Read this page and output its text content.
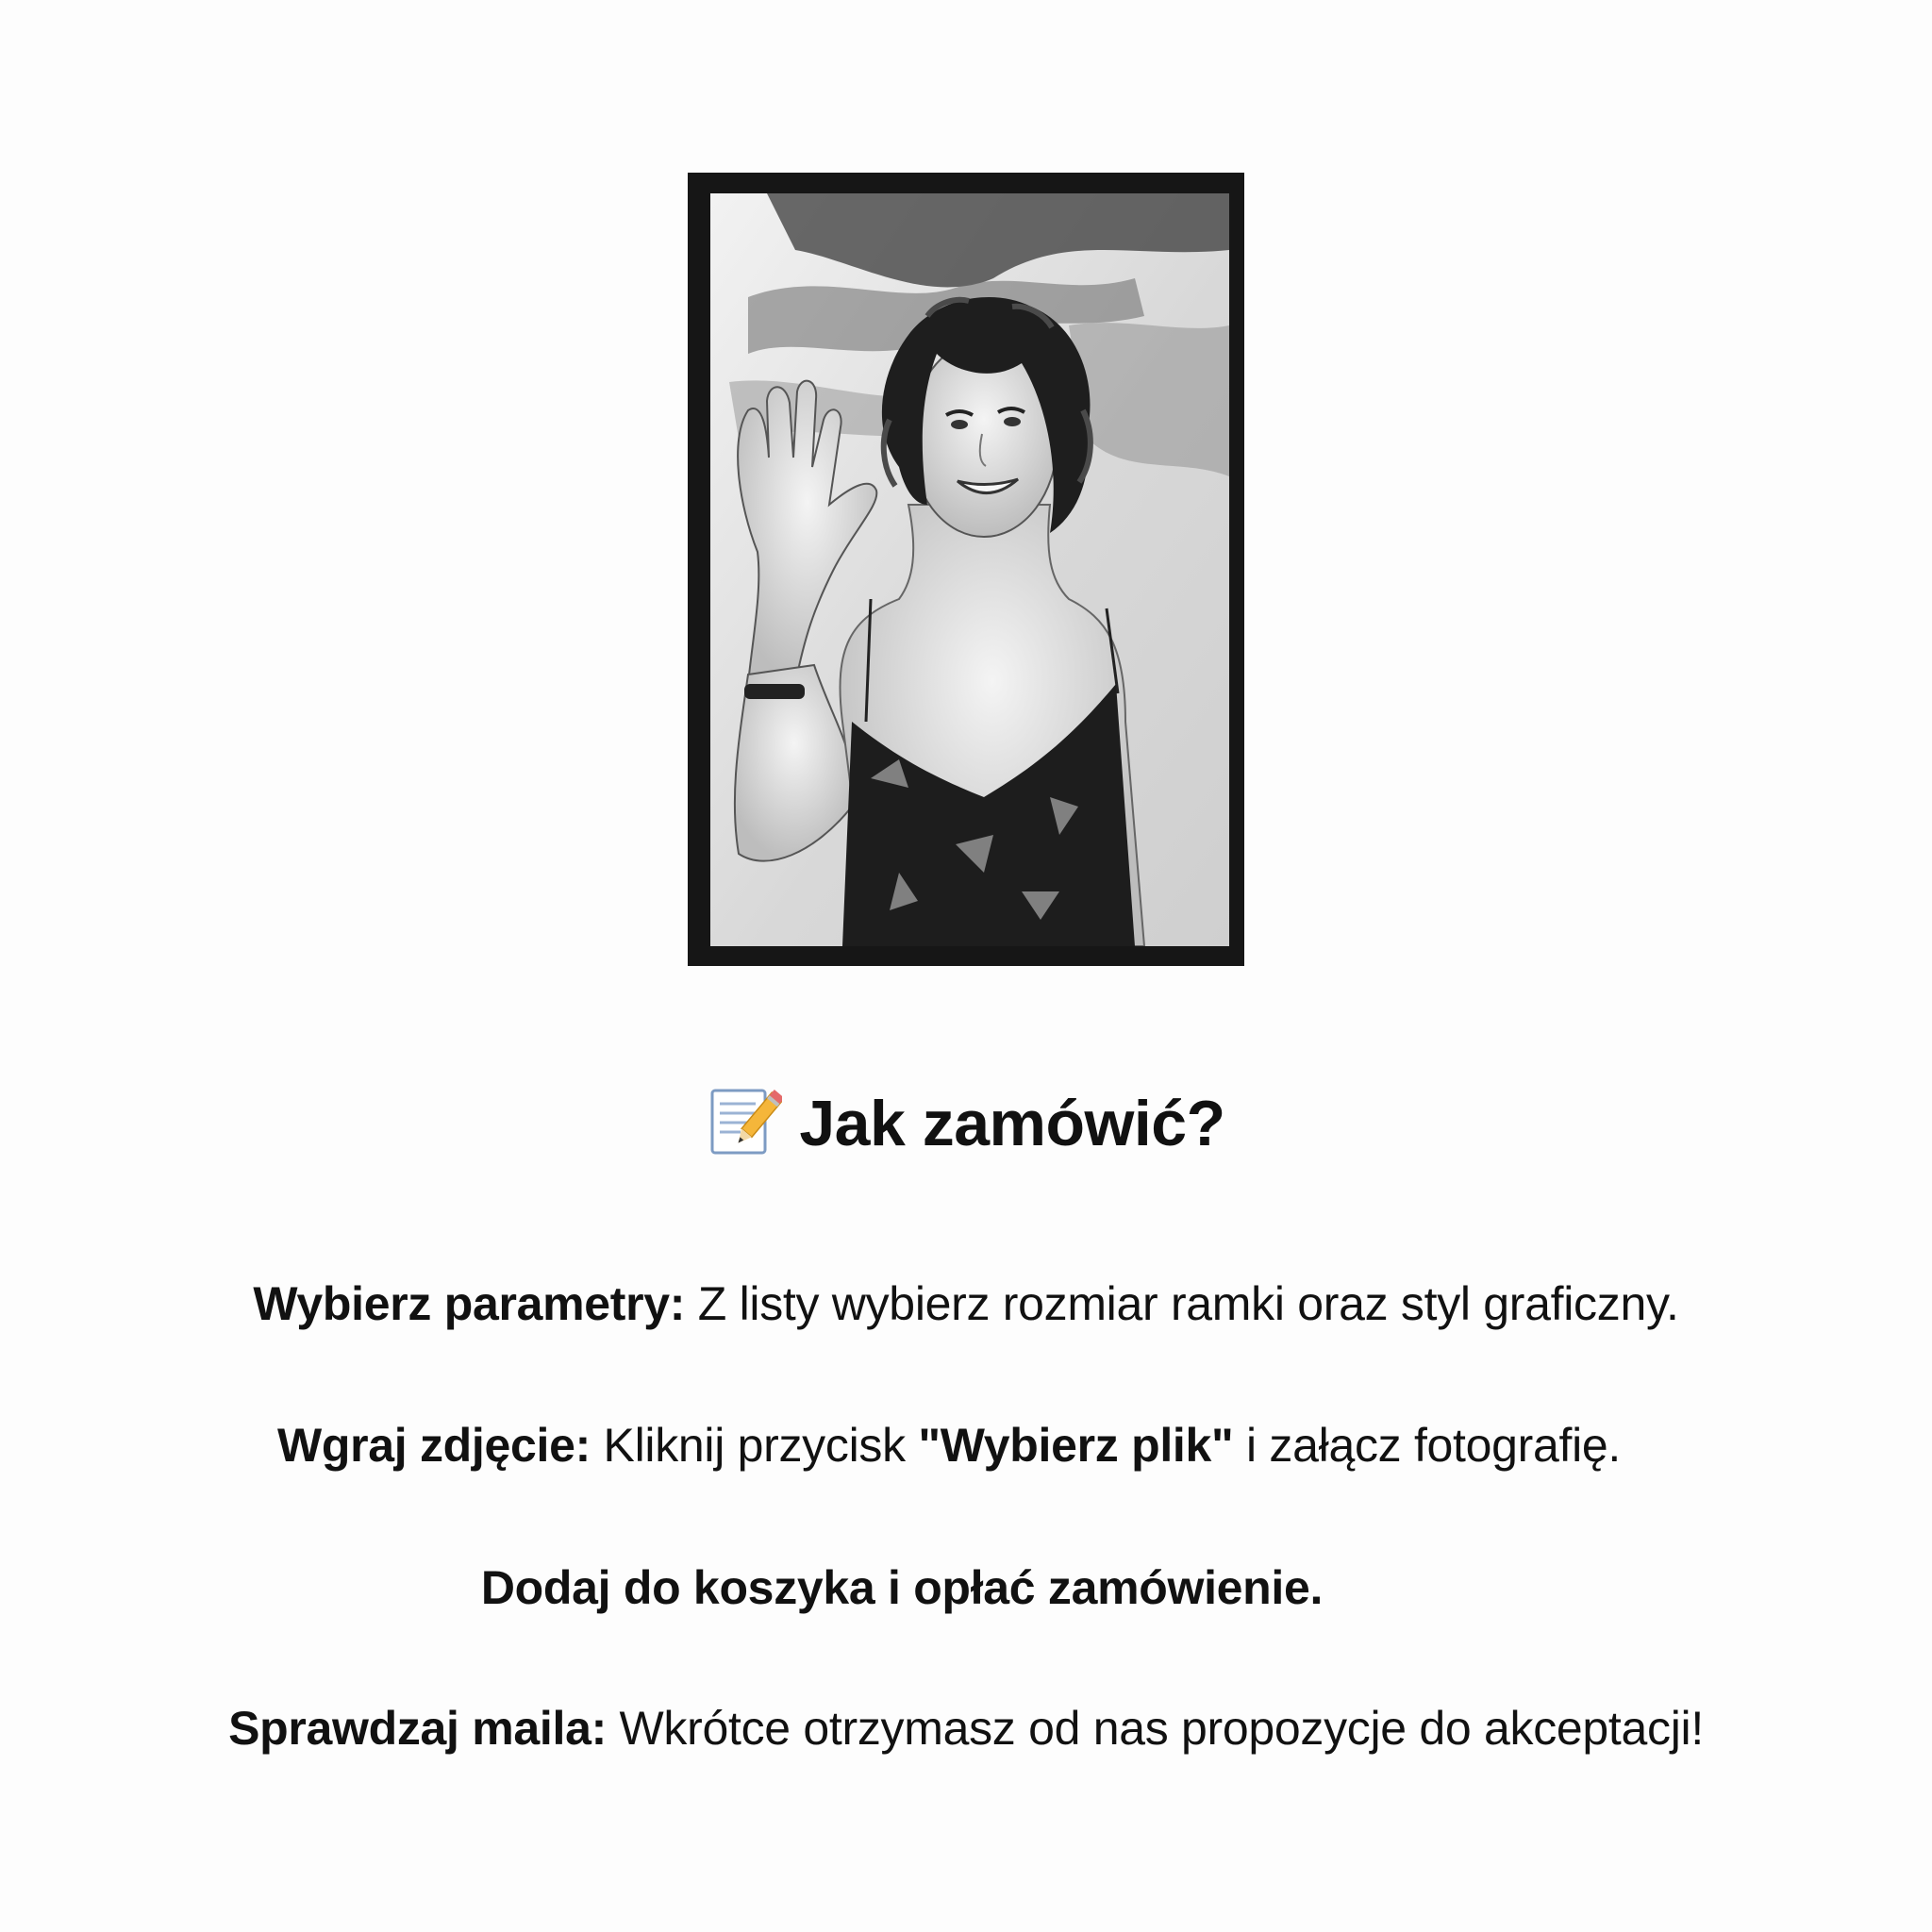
Jak zamówić?
Wybierz parametry: Z listy wybierz rozmiar ramki oraz styl graficzny.
Wgraj zdjęcie: Kliknij przycisk "Wybierz plik" i załącz fotografię.
Dodaj do koszyka i opłać zamówienie.
Sprawdzaj maila: Wkrótce otrzymasz od nas propozycje do akceptacji!
